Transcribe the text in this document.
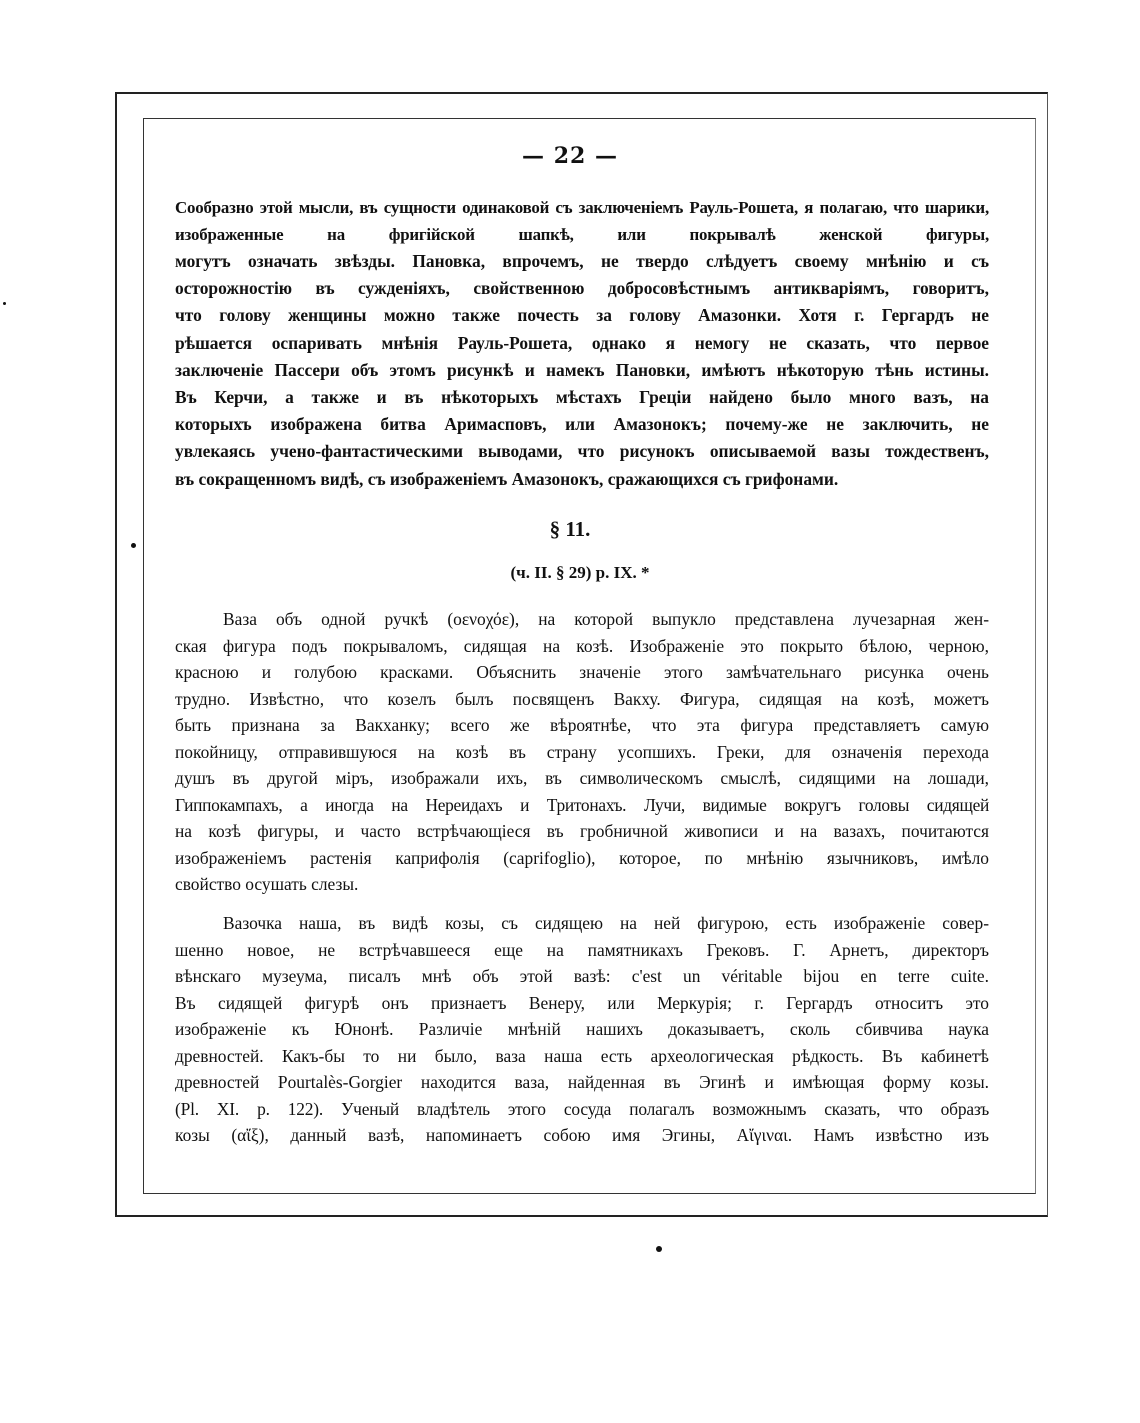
— 22 —

Сообразно этой мысли, въ сущности одинаковой съ заключеніемъ Рауль-Рошета, я полагаю, что шарики, изображенные на фригійской шапкѣ, или покрывалѣ женской фигуры,
могутъ означать звѣзды. Пановка, впрочемъ, не твердо слѣдуетъ своему мнѣнію и съ
осторожностію въ сужденіяхъ, свойственною добросовѣстнымъ антикваріямъ, говоритъ,
что голову женщины можно также почесть за голову Амазонки. Хотя г. Гергардъ не
рѣшается оспаривать мнѣнія Рауль-Рошета, однако я немогу не сказать, что первое
заключеніе Пассери объ этомъ рисункѣ и намекъ Пановки, имѣютъ нѣкоторую тѣнь истины.
Въ Керчи, а также и въ нѣкоторыхъ мѣстахъ Греціи найдено было много вазъ, на
которыхъ изображена битва Аримасповъ, или Амазонокъ; почему-же не заключить, не
увлекаясь учено-фантастическими выводами, что рисунокъ описываемой вазы тождественъ,
въ сокращенномъ видѣ, съ изображеніемъ Амазонокъ, сражающихся съ грифонами.

§ 11.

(ч. II. § 29) р. IX. *

Ваза объ одной ручкѣ (οενοχόε), на которой выпукло представлена лучезарная жен-
ская фигура подъ покрываломъ, сидящая на козѣ. Изображеніе это покрыто бѣлою, черною,
красною и голубою красками. Объяснить значеніе этого замѣчательнаго рисунка очень
трудно. Извѣстно, что козелъ былъ посвященъ Вакху. Фигура, сидящая на козѣ, можетъ
быть признана за Вакханку; всего же вѣроятнѣе, что эта фигура представляетъ самую
покойницу, отправившуюся на козѣ въ страну усопшихъ. Греки, для означенія перехода
душъ въ другой міръ, изображали ихъ, въ символическомъ смыслѣ, сидящими на лошади,
Гиппокампахъ, а иногда на Нереидахъ и Тритонахъ. Лучи, видимые вокругъ головы сидящей
на козѣ фигуры, и часто встрѣчающіеся въ гробничной живописи и на вазахъ, почитаются
изображеніемъ растенія каприфолія (caprifoglio), которое, по мнѣнію язычниковъ, имѣло
свойство осушать слезы.
Вазочка наша, въ видѣ козы, съ сидящею на ней фигурою, есть изображеніе совер-
шенно новое, не встрѣчавшееся еще на памятникахъ Грековъ. Г. Арнетъ, директоръ
вѣнскаго музеума, писалъ мнѣ объ этой вазѣ: c'est un véritable bijou en terre cuite.
Въ сидящей фигурѣ онъ признаетъ Венеру, или Меркурія; г. Гергардъ относитъ это
изображеніе къ Юнонѣ. Различіе мнѣній нашихъ доказываетъ, сколь сбивчива наука
древностей. Какъ-бы то ни было, ваза наша есть археологическая рѣдкость. Въ кабинетѣ
древностей Pourtalès-Gorgier находится ваза, найденная въ Эгинѣ и имѣющая форму козы.
(Pl. XI. p. 122). Ученый владѣтель этого сосуда полагалъ возможнымъ сказать, что образъ
козы (αἴξ), данный вазѣ, напоминаетъ собою имя Эгины, Αἴγιναι. Намъ извѣстно изъ
